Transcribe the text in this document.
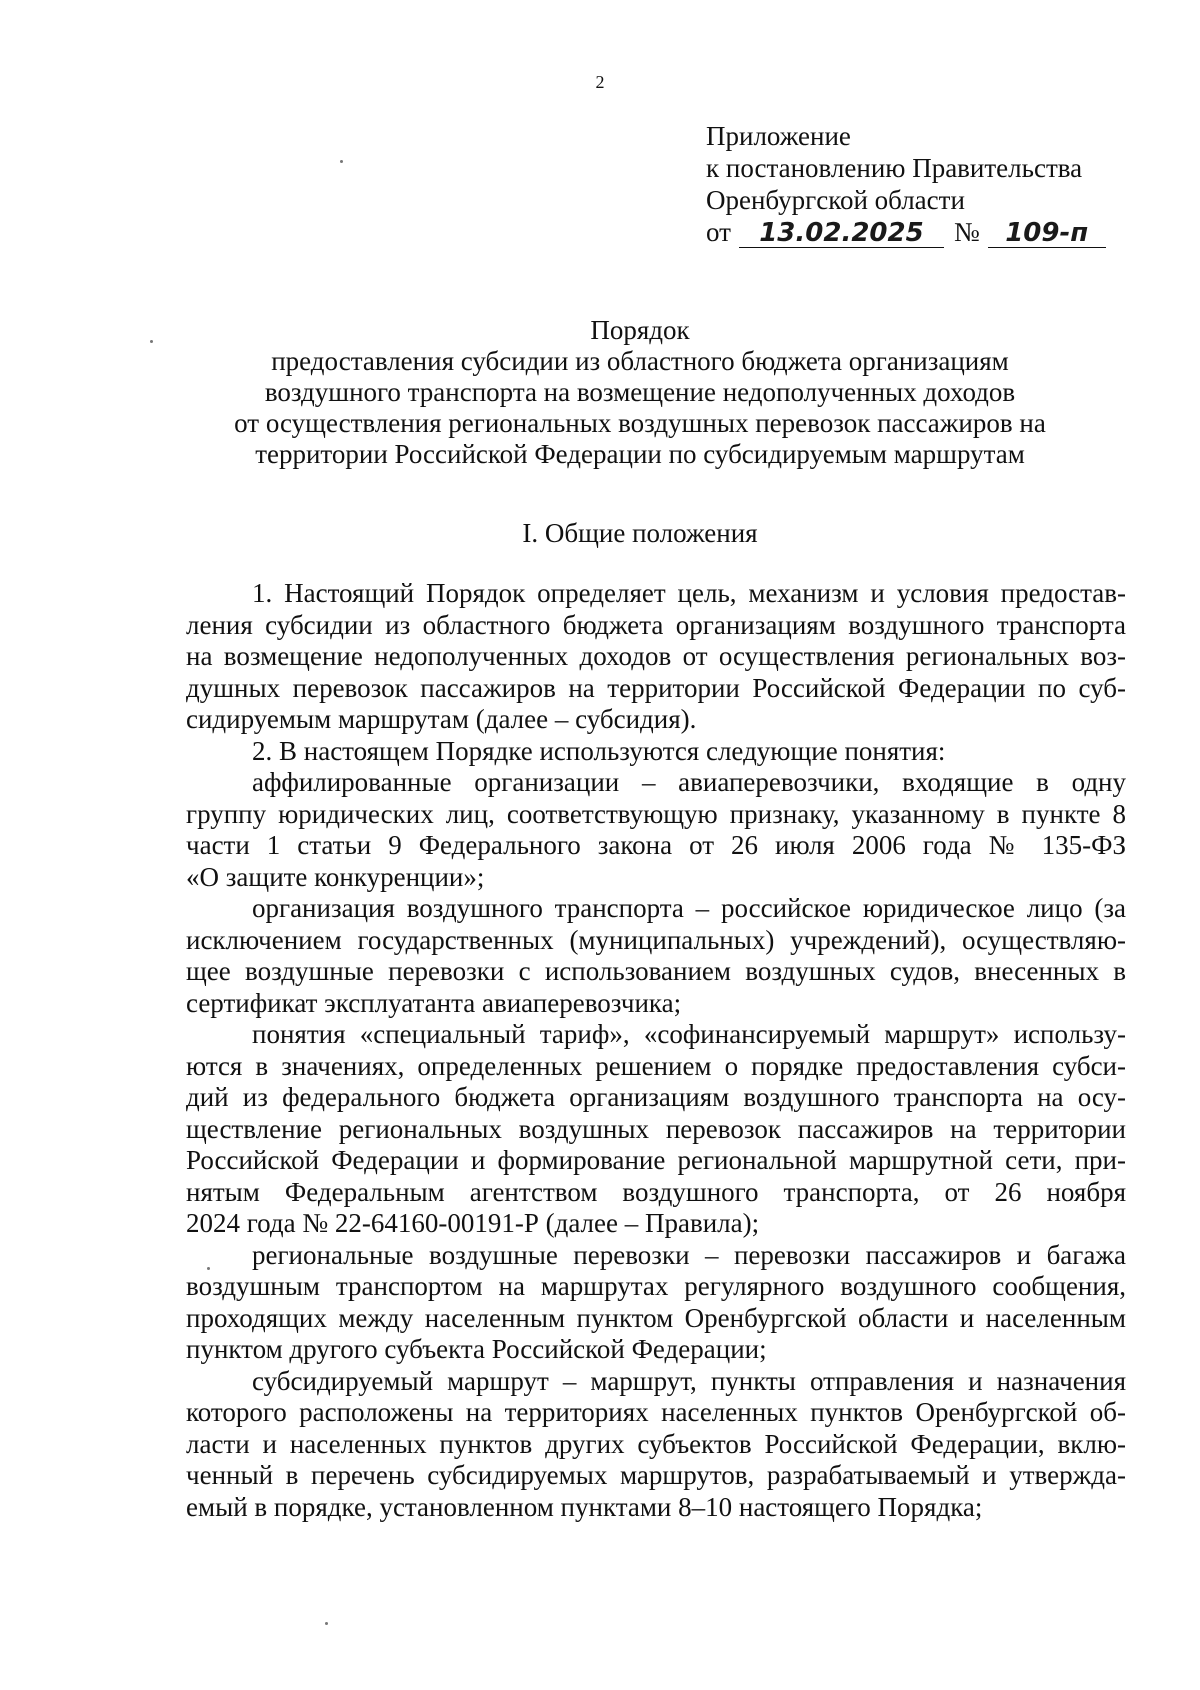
2
Приложение
к постановлению Правительства
Оренбургской области
от 13.02.2025 № 109-п
Порядок
предоставления субсидии из областного бюджета организациям
воздушного транспорта на возмещение недополученных доходов
от осуществления региональных воздушных перевозок пассажиров на
территории Российской Федерации по субсидируемым маршрутам
I. Общие положения
1. Настоящий Порядок определяет цель, механизм и условия предостав-
ления субсидии из областного бюджета организациям воздушного транспорта
на возмещение недополученных доходов от осуществления региональных воз-
душных перевозок пассажиров на территории Российской Федерации по суб-
сидируемым маршрутам (далее – субсидия).
2. В настоящем Порядке используются следующие понятия:
аффилированные организации – авиаперевозчики, входящие в одну
группу юридических лиц, соответствующую признаку, указанному в пункте 8
части 1 статьи 9 Федерального закона от 26 июля 2006 года № 135-ФЗ
«О защите конкуренции»;
организация воздушного транспорта – российское юридическое лицо (за
исключением государственных (муниципальных) учреждений), осуществляю-
щее воздушные перевозки с использованием воздушных судов, внесенных в
сертификат эксплуатанта авиаперевозчика;
понятия «специальный тариф», «софинансируемый маршрут» использу-
ются в значениях, определенных решением о порядке предоставления субси-
дий из федерального бюджета организациям воздушного транспорта на осу-
ществление региональных воздушных перевозок пассажиров на территории
Российской Федерации и формирование региональной маршрутной сети, при-
нятым Федеральным агентством воздушного транспорта, от 26 ноября
2024 года № 22-64160-00191-Р (далее – Правила);
региональные воздушные перевозки – перевозки пассажиров и багажа
воздушным транспортом на маршрутах регулярного воздушного сообщения,
проходящих между населенным пунктом Оренбургской области и населенным
пунктом другого субъекта Российской Федерации;
субсидируемый маршрут – маршрут, пункты отправления и назначения
которого расположены на территориях населенных пунктов Оренбургской об-
ласти и населенных пунктов других субъектов Российской Федерации, вклю-
ченный в перечень субсидируемых маршрутов, разрабатываемый и утвержда-
емый в порядке, установленном пунктами 8–10 настоящего Порядка;
